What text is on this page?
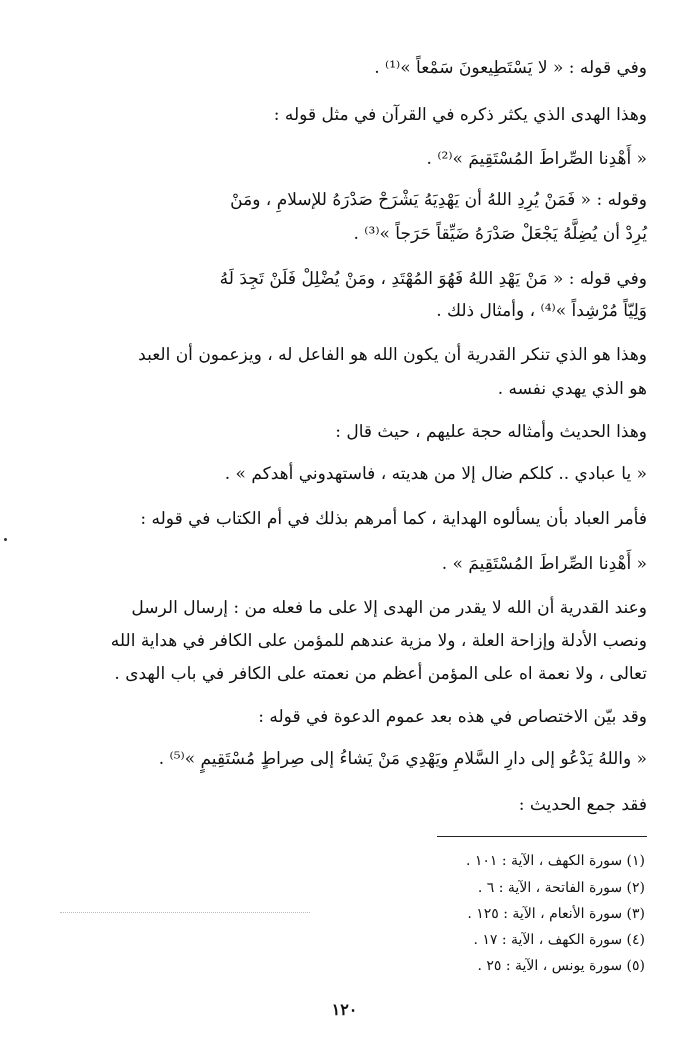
وفي قوله : « لا يَسْتَطِيعونَ سَمْعاً »⁽¹⁾ .
وهذا الهدى الذي يكثر ذكره في القرآن في مثل قوله :
« أَهْدِنا الصِّراطَ المُسْتَقِيمَ »⁽²⁾ .
وقوله : « فَمَنْ يُرِدِ اللهُ أن يَهْدِيَهُ يَشْرَحْ صَدْرَهُ للإسلامِ ، ومَنْ
يُرِدْ أن يُضِلَّهُ يَجْعَلْ صَدْرَهُ ضَيِّقاً حَرَجاً »⁽³⁾ .
وفي قوله : « مَنْ يَهْدِ اللهُ فَهُوَ المُهْتَدِ ، ومَنْ يُضْلِلْ فَلَنْ تَجِدَ لَهُ
وَلِيّاً مُرْشِداً »⁽⁴⁾ ، وأمثال ذلك .
وهذا هو الذي تنكر القدرية أن يكون الله هو الفاعل له ، ويزعمون أن العبد
هو الذي يهدي نفسه .
وهذا الحديث وأمثاله حجة عليهم ، حيث قال :
« يا عبادي .. كلكم ضال إلا من هديته ، فاستهدوني أهدكم » .
فأمر العباد بأن يسألوه الهداية ، كما أمرهم بذلك في أم الكتاب في قوله :
« أَهْدِنا الصِّراطَ المُسْتَقِيمَ » .
وعند القدرية أن الله لا يقدر من الهدى إلا على ما فعله من : إرسال الرسل
ونصب الأدلة وإزاحة العلة ، ولا مزية عندهم للمؤمن على الكافر في هداية الله
تعالى ، ولا نعمة اه على المؤمن أعظم من نعمته على الكافر في باب الهدى .
وقد بيّن الاختصاص في هذه بعد عموم الدعوة في قوله :
« واللهُ يَدْعُو إلى دارِ السَّلامِ ويَهْدِي مَنْ يَشاءُ إلى صِراطٍ مُسْتَقِيمٍ »⁽⁵⁾ .
فقد جمع الحديث :
(١) سورة الكهف ، الآية : ١٠١ .
(٢) سورة الفاتحة ، الآية : ٦ .
(٣) سورة الأنعام ، الآية : ١٢٥ .
(٤) سورة الكهف ، الآية : ١٧ .
(٥) سورة يونس ، الآية : ٢٥ .
١٢٠
